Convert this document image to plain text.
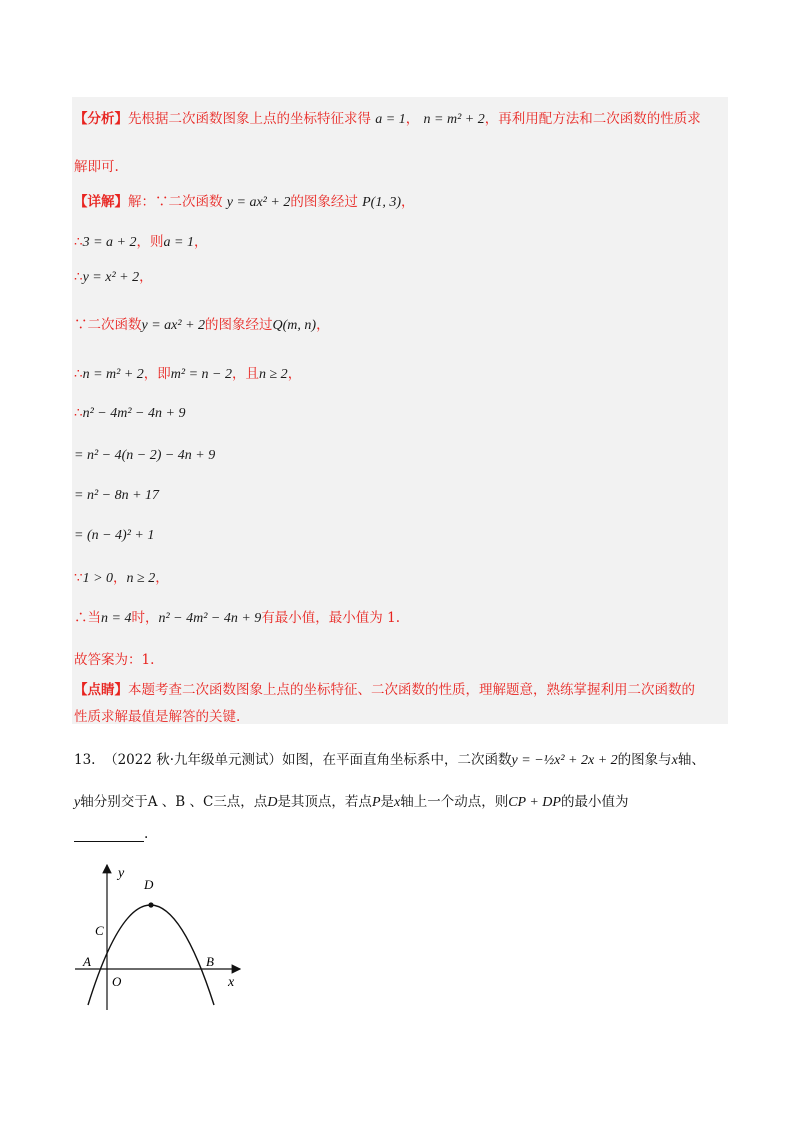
【分析】先根据二次函数图象上点的坐标特征求得 a = 1， n = m² + 2，再利用配方法和二次函数的性质求
解即可.
【详解】解：∵二次函数 y = ax² + 2的图象经过 P(1, 3)，
∴3 = a + 2，则a = 1，
∴y = x² + 2，
∵二次函数y = ax² + 2的图象经过Q(m, n)，
∴n = m² + 2，即m² = n − 2，且n ≥ 2，
∴n² − 4m² − 4n + 9
= n² − 4(n − 2) − 4n + 9
= n² − 8n + 17
= (n − 4)² + 1
∵1 > 0，n ≥ 2，
∴当n = 4时，n² − 4m² − 4n + 9有最小值，最小值为 1.
故答案为：1.
【点睛】本题考查二次函数图象上点的坐标特征、二次函数的性质，理解题意，熟练掌握利用二次函数的
性质求解最值是解答的关键.
13. （2022 秋·九年级单元测试）如图，在平面直角坐标系中，二次函数y = −½x² + 2x + 2的图象与x轴、
y轴分别交于A 、B 、C三点，点D是其顶点，若点P是x轴上一个动点，则CP + DP的最小值为
.
y
x
O
A	B
C
D
